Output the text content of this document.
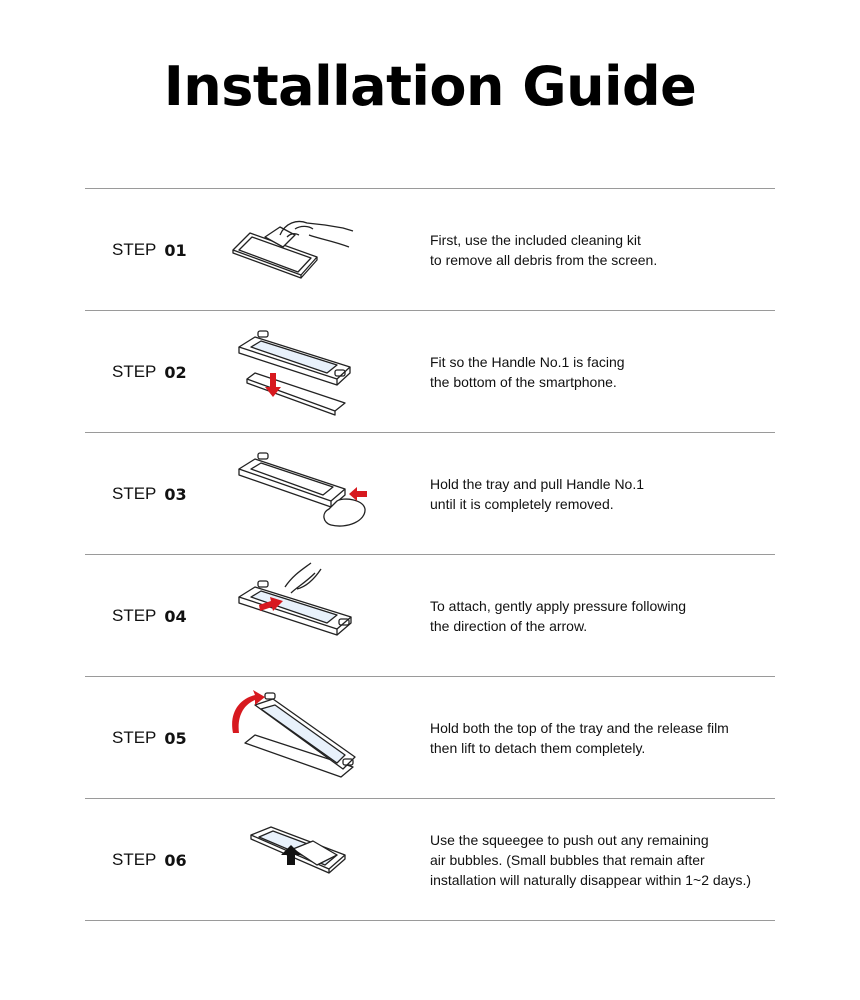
Installation Guide
STEP 01
First, use the included cleaning kit
to remove all debris from the screen.
STEP 02
Fit so the Handle No.1 is facing
the bottom of the smartphone.
STEP 03
Hold the tray and pull Handle No.1
until it is completely removed.
STEP 04
To attach, gently apply pressure following
the direction of the arrow.
STEP 05
Hold both the top of the tray and the release film
then lift to detach them completely.
STEP 06
Use the squeegee to push out any remaining
air bubbles. (Small bubbles that remain after
installation will naturally disappear within 1~2 days.)
